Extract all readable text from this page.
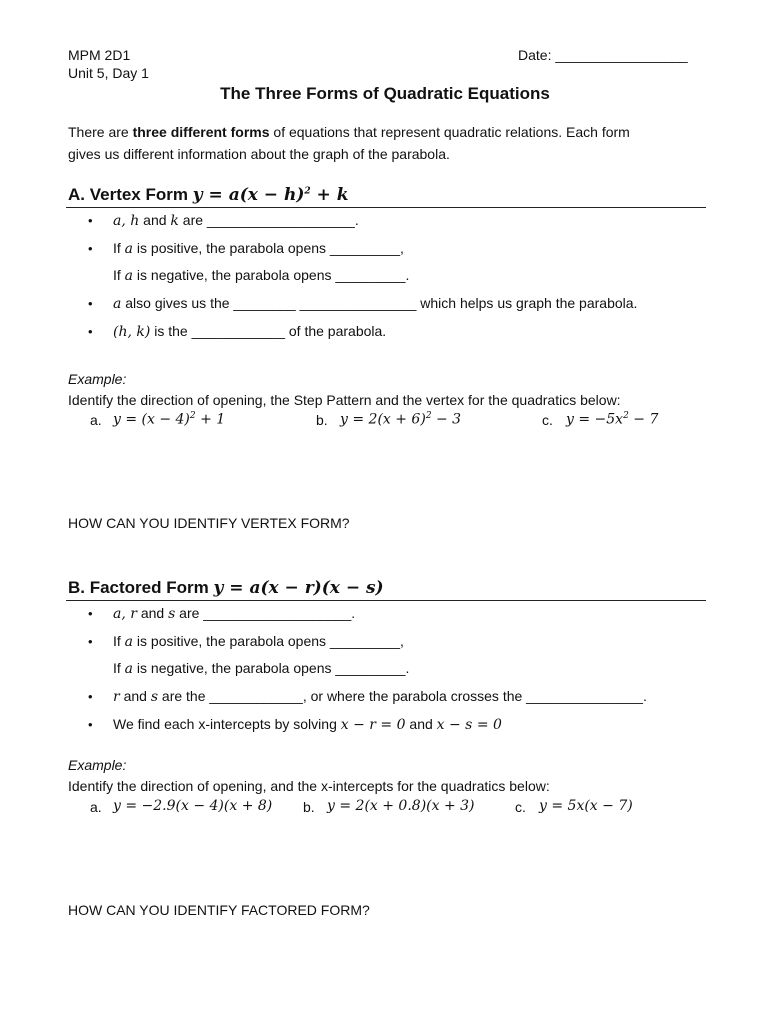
MPM 2D1
Unit 5, Day 1
Date: _________________
The Three Forms of Quadratic Equations
There are three different forms of equations that represent quadratic relations. Each form
gives us different information about the graph of the parabola.
A. Vertex Form $y = a(x - h)^2 + k$
• a, h and k are ___________________.
• If a is positive, the parabola opens _________,
If a is negative, the parabola opens _________.
• a also gives us the ________ _______________ which helps us graph the parabola.
• (h, k) is the ____________ of the parabola.
Example:
Identify the direction of opening, the Step Pattern and the vertex for the quadratics below:
a. $y = (x - 4)^2 + 1$	b. $y = 2(x + 6)^2 - 3$	c. $y = -5x^2 - 7$
HOW CAN YOU IDENTIFY VERTEX FORM?
B. Factored Form y = a(x − r)(x − s)
• a, r and s are ___________________.
• If a is positive, the parabola opens _________,
If a is negative, the parabola opens _________.
• r and s are the ____________, or where the parabola crosses the _______________.
• We find each x-intercepts by solving x − r = 0 and x − s = 0
Example:
Identify the direction of opening, and the x-intercepts for the quadratics below:
a. y = −2.9(x − 4)(x + 8) b. y = 2(x + 0.8)(x + 3)	c. y = 5x(x − 7)
HOW CAN YOU IDENTIFY FACTORED FORM?
